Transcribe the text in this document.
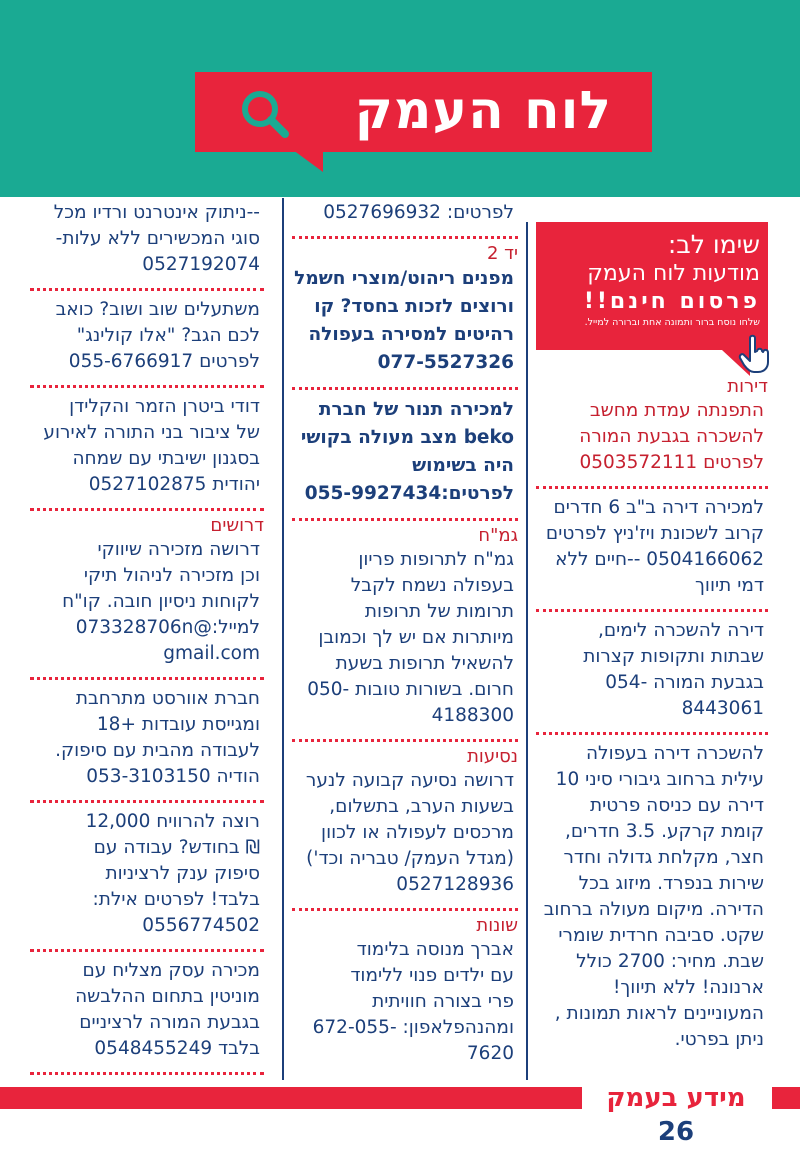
לוח העמק
שימו לב:
מודעות לוח העמק
פרסום חינם!!
שלחו נוסח ברור ותמונה אחת וברורה למייל.
דירות
התפנתה עמדת מחשב
להשכרה בגבעת המורה
לפרטים 0503572111
למכירה דירה ב"ב 6 חדרים
קרוב לשכונת ויז'ניץ לפרטים
0504166062 --חיים ללא
דמי תיווך
דירה להשכרה לימים,
שבתות ותקופות קצרות
בגבעת המורה -054
8443061
להשכרה דירה בעפולה
עילית ברחוב גיבורי סיני 10
דירה עם כניסה פרטית
קומת קרקע. 3.5 חדרים,
חצר, מקלחת גדולה וחדר
שירות בנפרד. מיזוג בכל
הדירה. מיקום מעולה ברחוב
שקט. סביבה חרדית שומרי
שבת. מחיר: 2700 כולל
ארנונה! ללא תיווך!
המעוניינים לראות תמונות ,
ניתן בפרטי.
לפרטים: 0527696932
יד 2
מפנים ריהוט/מוצרי חשמל
ורוצים לזכות בחסד? קו
רהיטים למסירה בעפולה
077-5527326
למכירה תנור של חברת
beko מצב מעולה בקושי
היה בשימוש
לפרטים:055-9927434
גמ"ח
גמ"ח לתרופות פריון
בעפולה נשמח לקבל
תרומות של תרופות
מיותרות אם יש לך וכמובן
להשאיל תרופות בשעת
חרום. בשורות טובות -050
4188300
נסיעות
דרושה נסיעה קבועה לנער
בשעות הערב, בתשלום,
מרכסים לעפולה או לכוון
(מגדל העמק/ טבריה וכד')
0527128936
שונות
אברך מנוסה בלימוד
עם ילדים פנוי ללימוד
פרי בצורה חוויתית
ומהנהפלאפון: -672-055
7620
--ניתוק אינטרנט ורדיו מכל
סוגי המכשירים ללא עלות-
0527192074
משתעלים שוב ושוב? כואב
לכם הגב? "אלו קולינג"
לפרטים 055-6766917
דודי ביטרן הזמר והקלידן
של ציבור בני התורה לאירוע
בסגנון ישיבתי עם שמחה
יהודית 0527102875
דרושים
דרושה מזכירה שיווקי
וכן מזכירה לניהול תיקי
לקוחות ניסיון חובה. קו"ח
למייל:@073328706n
gmail.com
חברת אוורסט מתרחבת
ומגייסת עובדות +18
לעבודה מהבית עם סיפוק.
הודיה 053-3103150
רוצה להרוויח 12,000
₪ בחודש? עבודה עם
סיפוק ענק לרציניות
בלבד! לפרטים אילת:
0556774502
מכירה עסק מצליח עם
מוניטין בתחום ההלבשה
בגבעת המורה לרציניים
בלבד 0548455249
מידע בעמק 26
